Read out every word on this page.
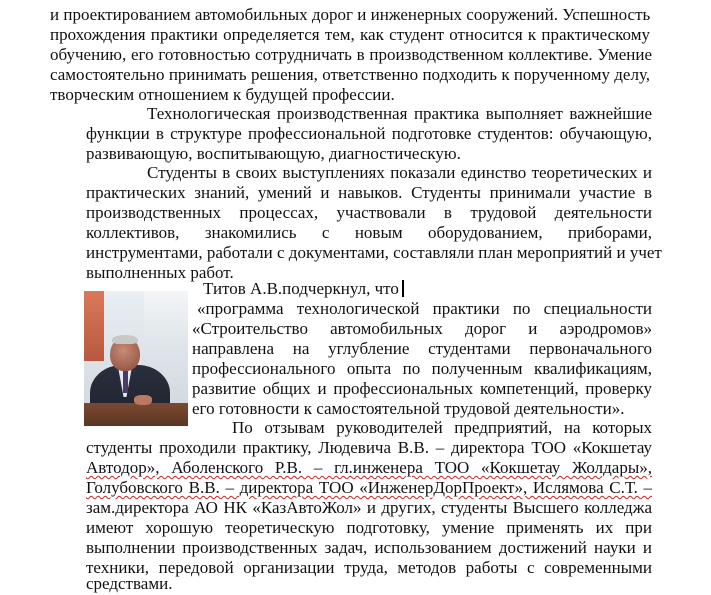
и проектированием автомобильных дорог и инженерных сооружений. Успешность
прохождения практики определяется тем, как студент относится к практическому
обучению, его готовностью сотрудничать в производственном коллективе. Умение
самостоятельно принимать решения, ответственно подходить к порученному делу,
творческим отношением к будущей профессии.
Технологическая производственная практика выполняет важнейшие
функции в структуре профессиональной подготовке студентов: обучающую,
развивающую, воспитывающую, диагностическую.
Студенты в своих выступлениях показали единство теоретических и
практических знаний, умений и навыков. Студенты принимали участие в
производственных процессах, участвовали в трудовой деятельности
коллективов, знакомились с новым оборудованием, приборами,
инструментами, работали с документами, составляли план мероприятий и учет
выполненных работ.
Титов А.В.подчеркнул, что
«программа технологической практики по специальности
«Строительство автомобильных дорог и аэродромов»
направлена на углубление студентами первоначального
профессионального опыта по полученным квалификациям,
развитие общих и профессиональных компетенций, проверку
его готовности к самостоятельной трудовой деятельности».
По отзывам руководителей предприятий, на которых
студенты проходили практику, Людевича В.В. – директора ТОО «Кокшетау
Автодор», Аболенского Р.В. – гл.инженера ТОО «Кокшетау Жолдары»,
Голубовского В.В. – директора ТОО «ИнженерДорПроект», Ислямова С.Т. –
зам.директора АО НК «КазАвтоЖол» и других, студенты Высшего колледжа
имеют хорошую теоретическую подготовку, умение применять их при
выполнении производственных задач, использованием достижений науки и
техники, передовой организации труда, методов работы с современными
средствами.
